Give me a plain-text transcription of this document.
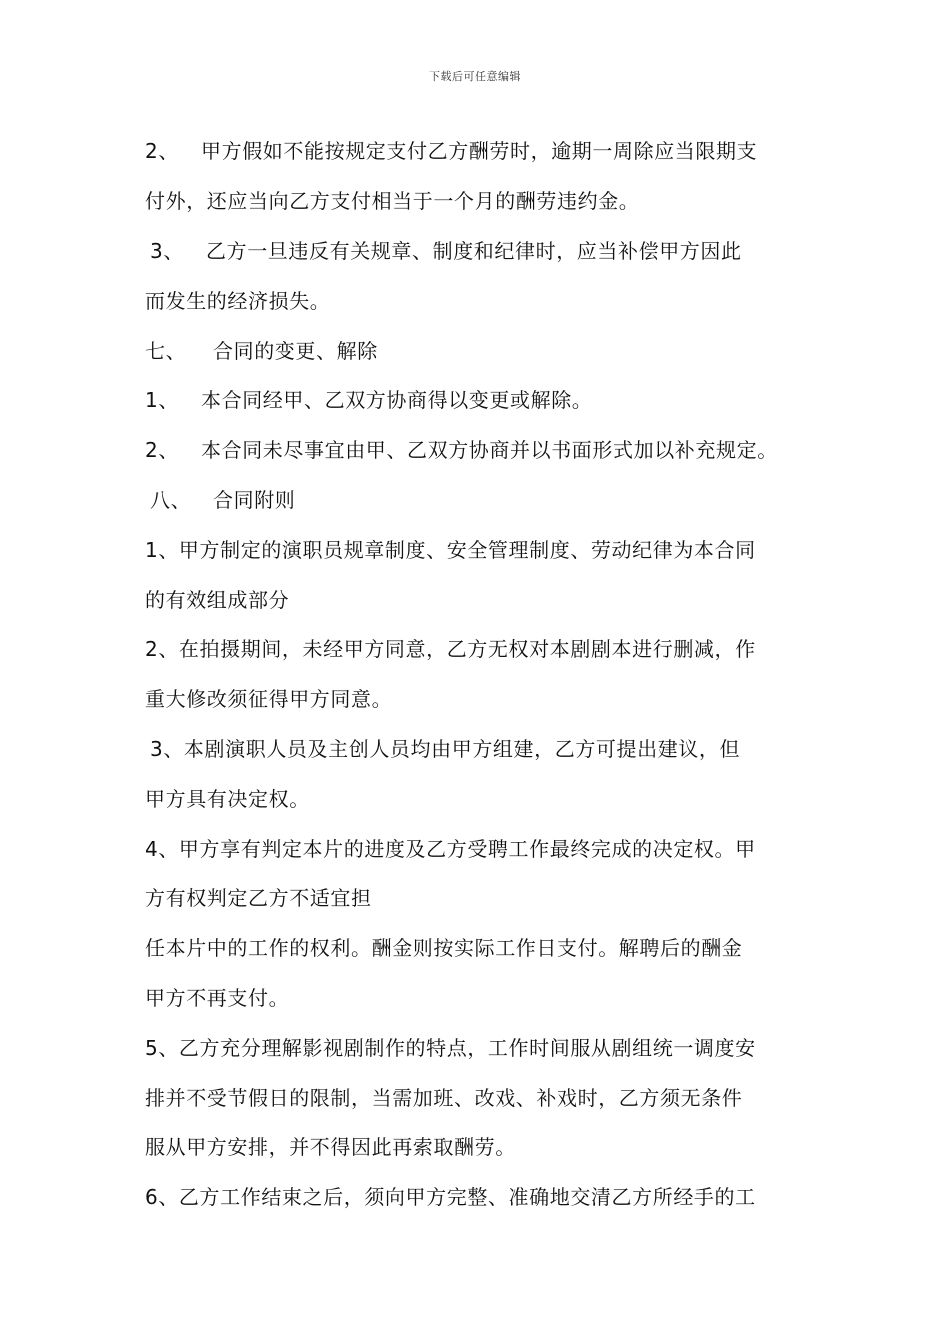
下载后可任意编辑
2、 甲方假如不能按规定支付乙方酬劳时，逾期一周除应当限期支
付外，还应当向乙方支付相当于一个月的酬劳违约金。
3、 乙方一旦违反有关规章、制度和纪律时，应当补偿甲方因此
而发生的经济损失。
七、 合同的变更、解除
1、 本合同经甲、乙双方协商得以变更或解除。
2、 本合同未尽事宜由甲、乙双方协商并以书面形式加以补充规定。
八、 合同附则
1、甲方制定的演职员规章制度、安全管理制度、劳动纪律为本合同
的有效组成部分
2、在拍摄期间，未经甲方同意，乙方无权对本剧剧本进行删减，作
重大修改须征得甲方同意。
3、本剧演职人员及主创人员均由甲方组建，乙方可提出建议，但
甲方具有决定权。
4、甲方享有判定本片的进度及乙方受聘工作最终完成的决定权。甲
方有权判定乙方不适宜担
任本片中的工作的权利。酬金则按实际工作日支付。解聘后的酬金
甲方不再支付。
5、乙方充分理解影视剧制作的特点，工作时间服从剧组统一调度安
排并不受节假日的限制，当需加班、改戏、补戏时，乙方须无条件
服从甲方安排，并不得因此再索取酬劳。
6、乙方工作结束之后，须向甲方完整、准确地交清乙方所经手的工
